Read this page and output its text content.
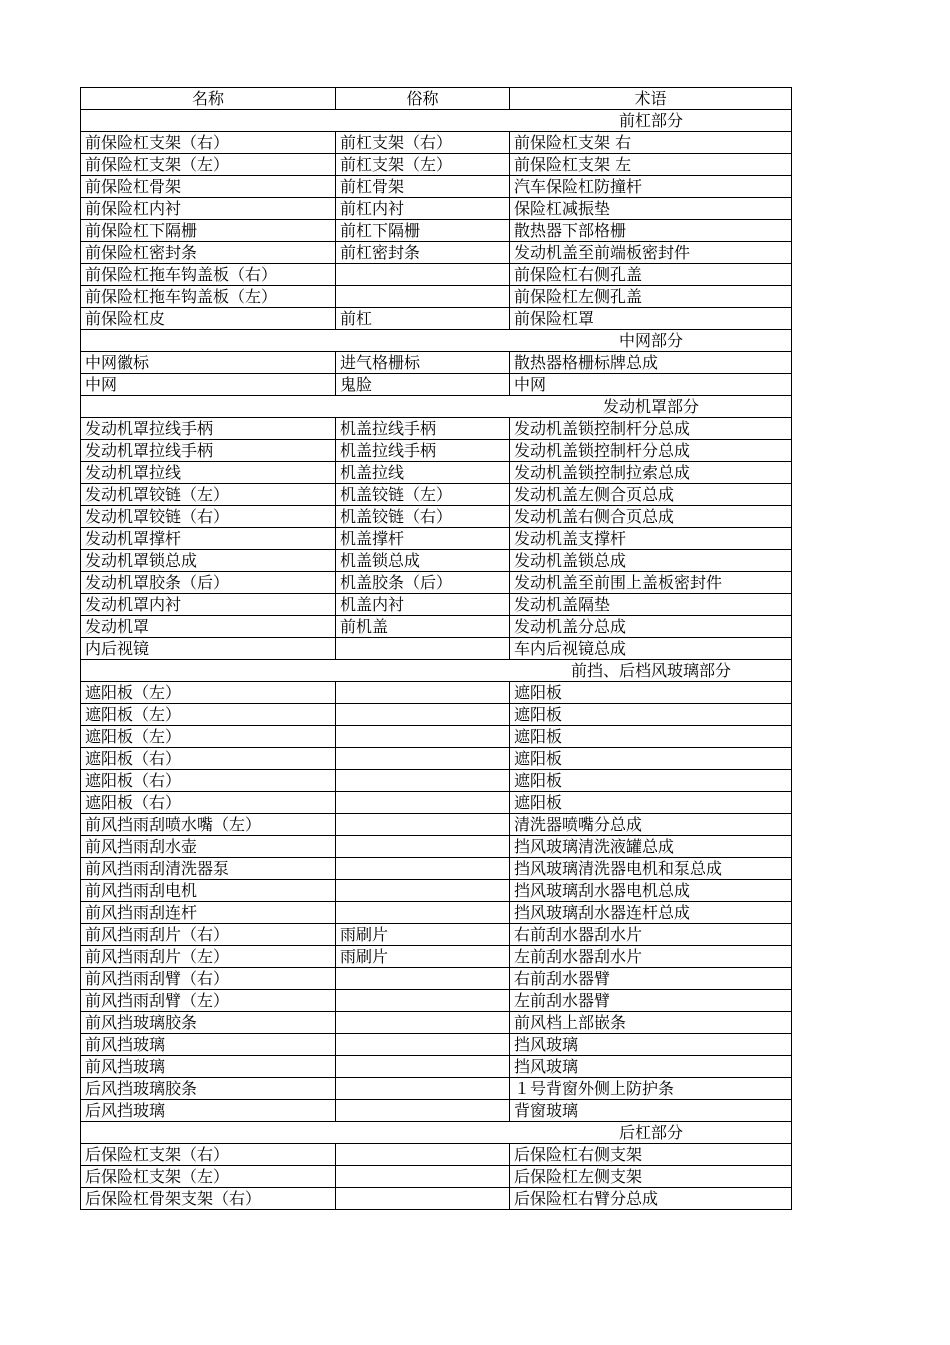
名称	俗称	术语
前杠部分		
前保险杠支架（右）	前杠支架（右）	前保险杠支架 右
前保险杠支架（左）	前杠支架（左）	前保险杠支架 左
前保险杠骨架	前杠骨架	汽车保险杠防撞杆
前保险杠内衬	前杠内衬	保险杠减振垫
前保险杠下隔栅	前杠下隔栅	散热器下部格栅
前保险杠密封条	前杠密封条	发动机盖至前端板密封件
前保险杠拖车钩盖板（右）		前保险杠右侧孔盖
前保险杠拖车钩盖板（左）		前保险杠左侧孔盖
前保险杠皮	前杠	前保险杠罩
中网部分		
中网徽标	进气格栅标	散热器格栅标牌总成
中网	鬼脸	中网
发动机罩部分		
发动机罩拉线手柄	机盖拉线手柄	发动机盖锁控制杆分总成
发动机罩拉线手柄	机盖拉线手柄	发动机盖锁控制杆分总成
发动机罩拉线	机盖拉线	发动机盖锁控制拉索总成
发动机罩铰链（左）	机盖铰链（左）	发动机盖左侧合页总成
发动机罩铰链（右）	机盖铰链（右）	发动机盖右侧合页总成
发动机罩撑杆	机盖撑杆	发动机盖支撑杆
发动机罩锁总成	机盖锁总成	发动机盖锁总成
发动机罩胶条（后）	机盖胶条（后）	发动机盖至前围上盖板密封件
发动机罩内衬	机盖内衬	发动机盖隔垫
发动机罩	前机盖	发动机盖分总成
内后视镜		车内后视镜总成
前挡、后档风玻璃部分		
遮阳板（左）		遮阳板
遮阳板（左）		遮阳板
遮阳板（左）		遮阳板
遮阳板（右）		遮阳板
遮阳板（右）		遮阳板
遮阳板（右）		遮阳板
前风挡雨刮喷水嘴（左）		清洗器喷嘴分总成
前风挡雨刮水壶		挡风玻璃清洗液罐总成
前风挡雨刮清洗器泵		挡风玻璃清洗器电机和泵总成
前风挡雨刮电机		挡风玻璃刮水器电机总成
前风挡雨刮连杆		挡风玻璃刮水器连杆总成
前风挡雨刮片（右）	雨刷片	右前刮水器刮水片
前风挡雨刮片（左）	雨刷片	左前刮水器刮水片
前风挡雨刮臂（右）		右前刮水器臂
前风挡雨刮臂（左）		左前刮水器臂
前风挡玻璃胶条		前风档上部嵌条
前风挡玻璃		挡风玻璃
前风挡玻璃		挡风玻璃
后风挡玻璃胶条		１号背窗外侧上防护条
后风挡玻璃		背窗玻璃
后杠部分		
后保险杠支架（右）		后保险杠右侧支架
后保险杠支架（左）		后保险杠左侧支架
后保险杠骨架支架（右）		后保险杠右臂分总成
